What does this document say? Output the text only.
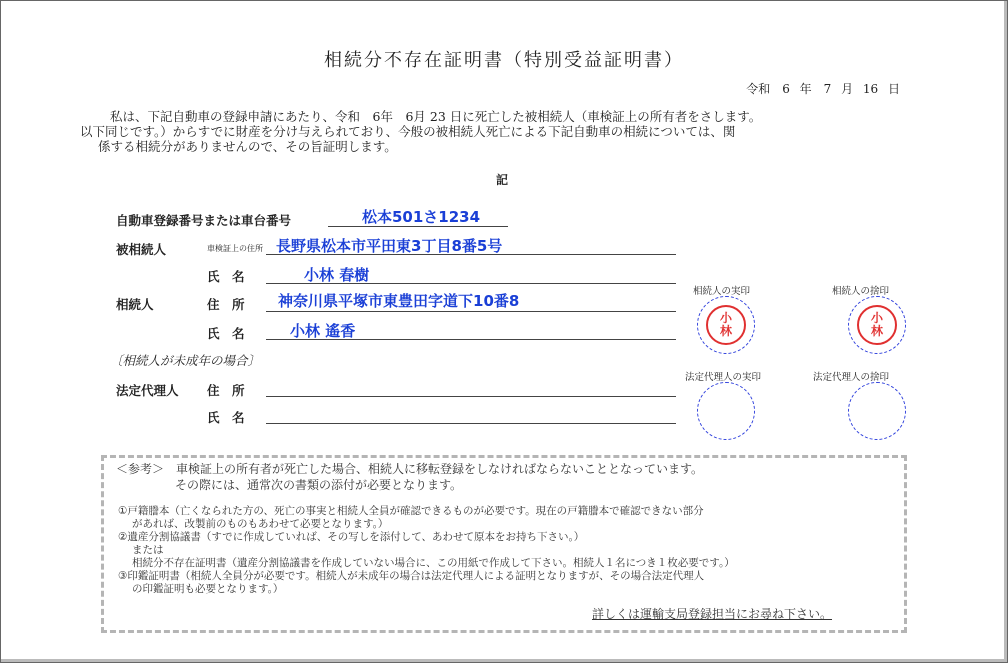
相続分不存在証明書（特別受益証明書）
令和　6 年　7 月 16 日
私は、下記自動車の登録申請にあたり、令和　6年　6月 23 日に死亡した被相続人（車検証上の所有者をさします。
以下同じです。）からすでに財産を分け与えられており、今般の被相続人死亡による下記自動車の相続については、関
係する相続分がありませんので、その旨証明します。
記
自動車登録番号または車台番号	松本501さ1234
被相続人	車検証上の住所 長野県松本市平田東3丁目8番5号
氏　名	小林 春樹
相続人	住　所 神奈川県平塚市東豊田字道下10番8
氏　名	小林 遙香
〔相続人が未成年の場合〕
法定代理人 住　所
氏　名
相続人の実印
小
林
相続人の捨印
小
林
法定代理人の実印	法定代理人の捨印
＜参考＞　車検証上の所有者が死亡した場合、相続人に移転登録をしなければならないこととなっています。
その際には、通常次の書類の添付が必要となります。
①戸籍謄本（亡くなられた方の、死亡の事実と相続人全員が確認できるものが必要です。現在の戸籍謄本で確認できない部分
があれば、改製前のものもあわせて必要となります。）
②遺産分割協議書（すでに作成していれば、その写しを添付して、あわせて原本をお持ち下さい。）
または
相続分不存在証明書（遺産分割協議書を作成していない場合に、この用紙で作成して下さい。相続人１名につき１枚必要です。）
③印鑑証明書（相続人全員分が必要です。相続人が未成年の場合は法定代理人による証明となりますが、その場合法定代理人
の印鑑証明も必要となります。）
詳しくは運輸支局登録担当にお尋ね下さい。
